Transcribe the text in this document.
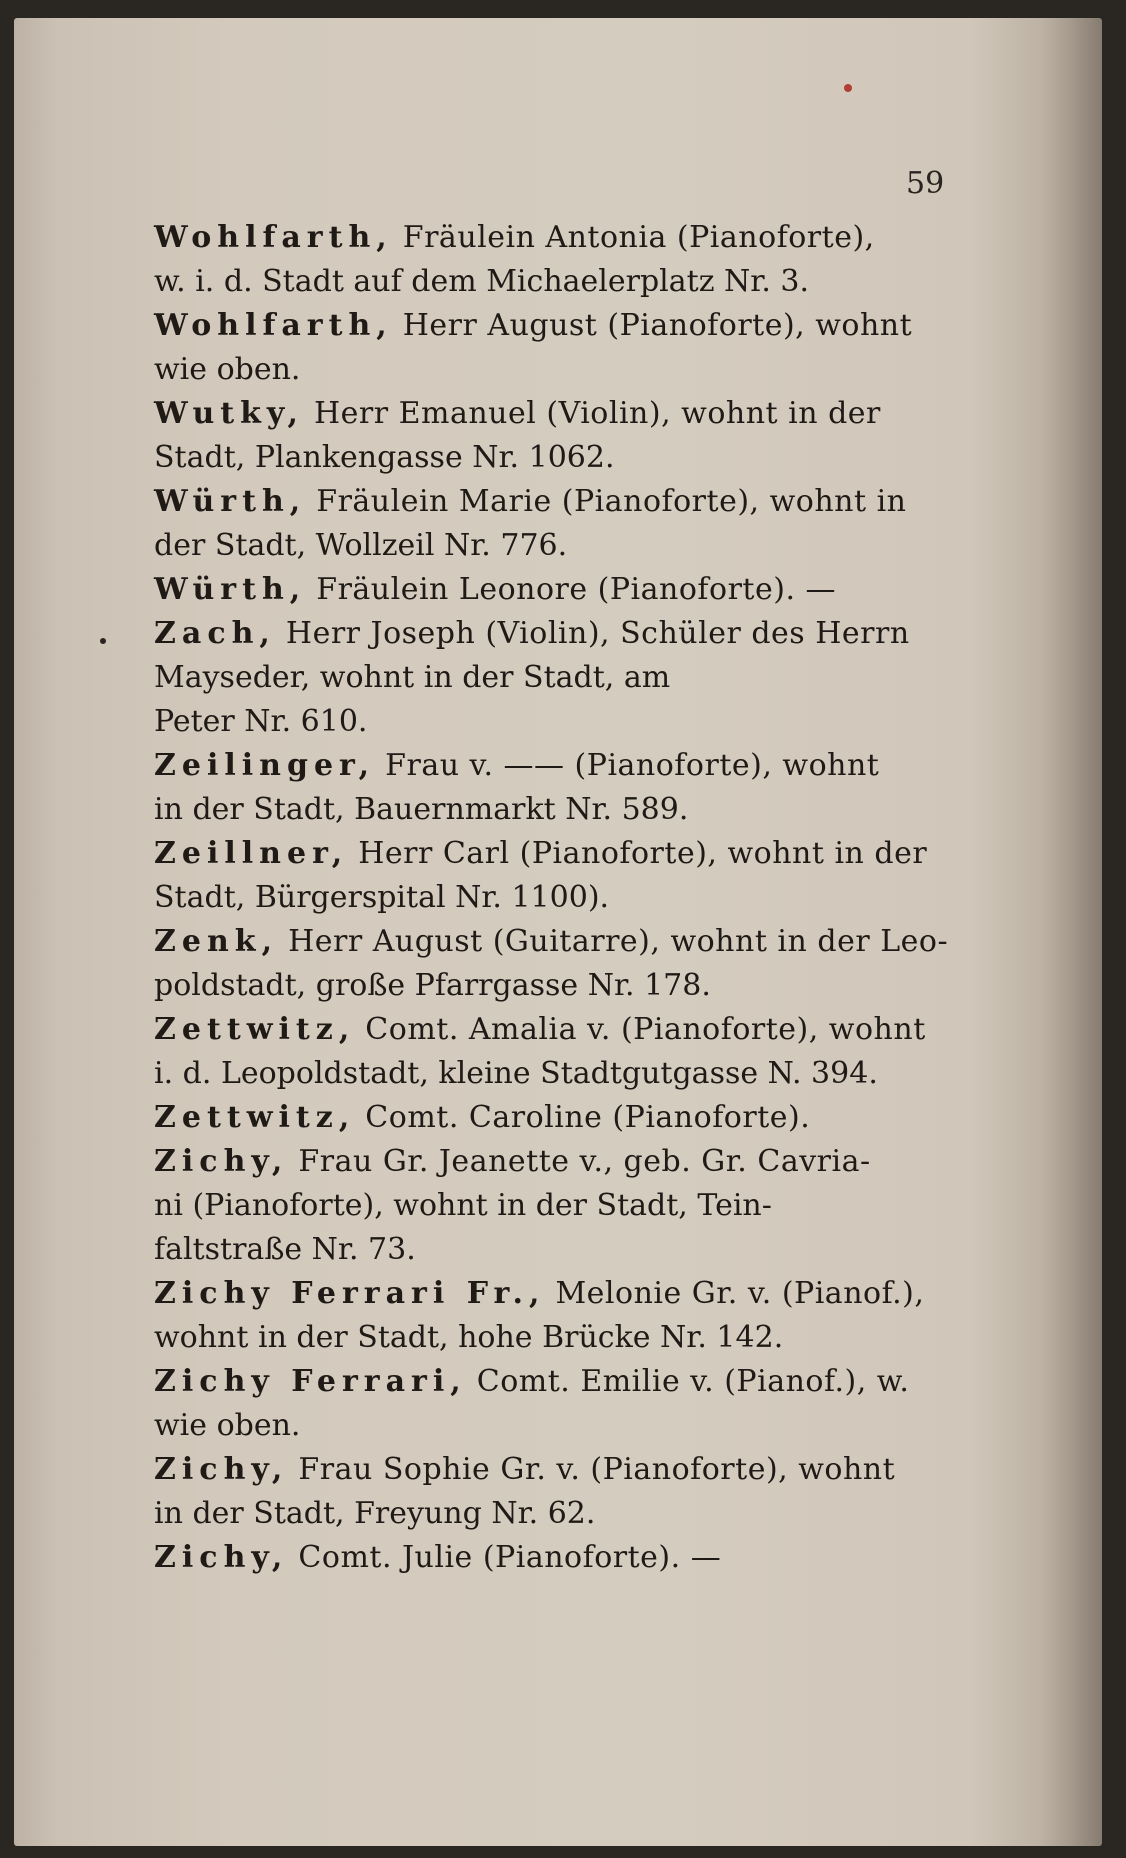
59
Wohlfarth, Fräulein Antonia (Pianoforte),
w. i. d. Stadt auf dem Michaelerplatz Nr. 3.
Wohlfarth, Herr August (Pianoforte), wohnt
wie oben.
Wutky, Herr Emanuel (Violin), wohnt in der
Stadt, Plankengasse Nr. 1062.
Würth, Fräulein Marie (Pianoforte), wohnt in
der Stadt, Wollzeil Nr. 776.
Würth, Fräulein Leonore (Pianoforte). —
Zach, Herr Joseph (Violin), Schüler des Herrn
Mayseder, wohnt in der Stadt, am
Peter Nr. 610.
Zeilinger, Frau v. —— (Pianoforte), wohnt
in der Stadt, Bauernmarkt Nr. 589.
Zeillner, Herr Carl (Pianoforte), wohnt in der
Stadt, Bürgerspital Nr. 1100).
Zenk, Herr August (Guitarre), wohnt in der Leo-
poldstadt, große Pfarrgasse Nr. 178.
Zettwitz, Comt. Amalia v. (Pianoforte), wohnt
i. d. Leopoldstadt, kleine Stadtgutgasse N. 394.
Zettwitz, Comt. Caroline (Pianoforte).
Zichy, Frau Gr. Jeanette v., geb. Gr. Cavria-
ni (Pianoforte), wohnt in der Stadt, Tein-
faltstraße Nr. 73.
Zichy Ferrari Fr., Melonie Gr. v. (Pianof.),
wohnt in der Stadt, hohe Brücke Nr. 142.
Zichy Ferrari, Comt. Emilie v. (Pianof.), w.
wie oben.
Zichy, Frau Sophie Gr. v. (Pianoforte), wohnt
in der Stadt, Freyung Nr. 62.
Zichy, Comt. Julie (Pianoforte). —
